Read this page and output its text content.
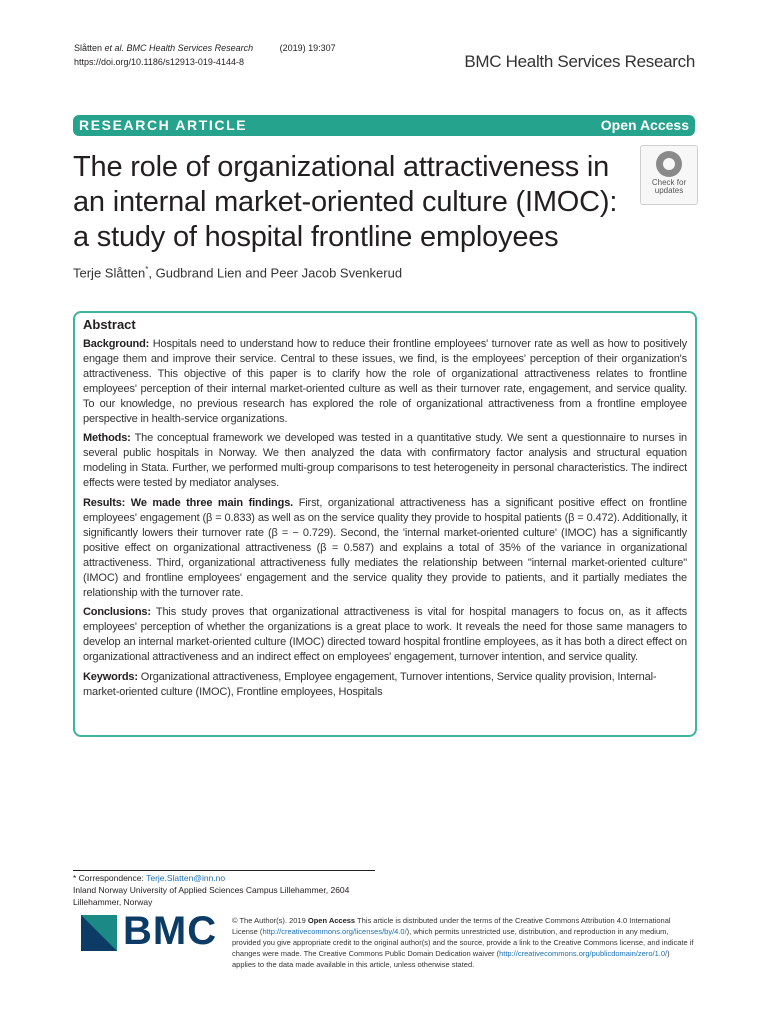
Slåtten et al. BMC Health Services Research	(2019) 19:307
https://doi.org/10.1186/s12913-019-4144-8	BMC Health Services Research
RESEARCH ARTICLE	Open Access
The role of organizational attractiveness in an internal market-oriented culture (IMOC): a study of hospital frontline employees
Check for
updates
Terje Slåtten*, Gudbrand Lien and Peer Jacob Svenkerud
Abstract

Background: Hospitals need to understand how to reduce their frontline employees' turnover rate as well as how to positively engage them and improve their service. Central to these issues, we find, is the employees' perception of their organization's attractiveness. This objective of this paper is to clarify how the role of organizational attractiveness relates to frontline employees' perception of their internal market-oriented culture as well as their turnover rate, engagement, and service quality. To our knowledge, no previous research has explored the role of organizational attractiveness from a frontline employee perspective in health-service organizations.

Methods: The conceptual framework we developed was tested in a quantitative study. We sent a questionnaire to nurses in several public hospitals in Norway. We then analyzed the data with confirmatory factor analysis and structural equation modeling in Stata. Further, we performed multi-group comparisons to test heterogeneity in personal characteristics. The indirect effects were tested by mediator analyses.

Results: We made three main findings. First, organizational attractiveness has a significant positive effect on frontline employees' engagement (β = 0.833) as well as on the service quality they provide to hospital patients (β = 0.472). Additionally, it significantly lowers their turnover rate (β = − 0.729). Second, the 'internal market-oriented culture' (IMOC) has a significantly positive effect on organizational attractiveness (β = 0.587) and explains a total of 35% of the variance in organizational attractiveness. Third, organizational attractiveness fully mediates the relationship between "internal market-oriented culture" (IMOC) and frontline employees' engagement and the service quality they provide to patients, and it partially mediates the relationship with the turnover rate.

Conclusions: This study proves that organizational attractiveness is vital for hospital managers to focus on, as it affects employees' perception of whether the organizations is a great place to work. It reveals the need for those same managers to develop an internal market-oriented culture (IMOC) directed toward hospital frontline employees, as it has both a direct effect on organizational attractiveness and an indirect effect on employees' engagement, turnover intention, and service quality.

Keywords: Organizational attractiveness, Employee engagement, Turnover intentions, Service quality provision, Internal-market-oriented culture (IMOC), Frontline employees, Hospitals

* Correspondence: Terje.Slatten@inn.no
Inland Norway University of Applied Sciences Campus Lillehammer, 2604
Lillehammer, Norway
BMC © The Author(s). 2019 Open Access This article is distributed under the terms of the Creative Commons Attribution 4.0 International License (http://creativecommons.org/licenses/by/4.0/), which permits unrestricted use, distribution, and reproduction in any medium, provided you give appropriate credit to the original author(s) and the source, provide a link to the Creative Commons license, and indicate if changes were made. The Creative Commons Public Domain Dedication waiver (http://creativecommons.org/publicdomain/zero/1.0/) applies to the data made available in this article, unless otherwise stated.
